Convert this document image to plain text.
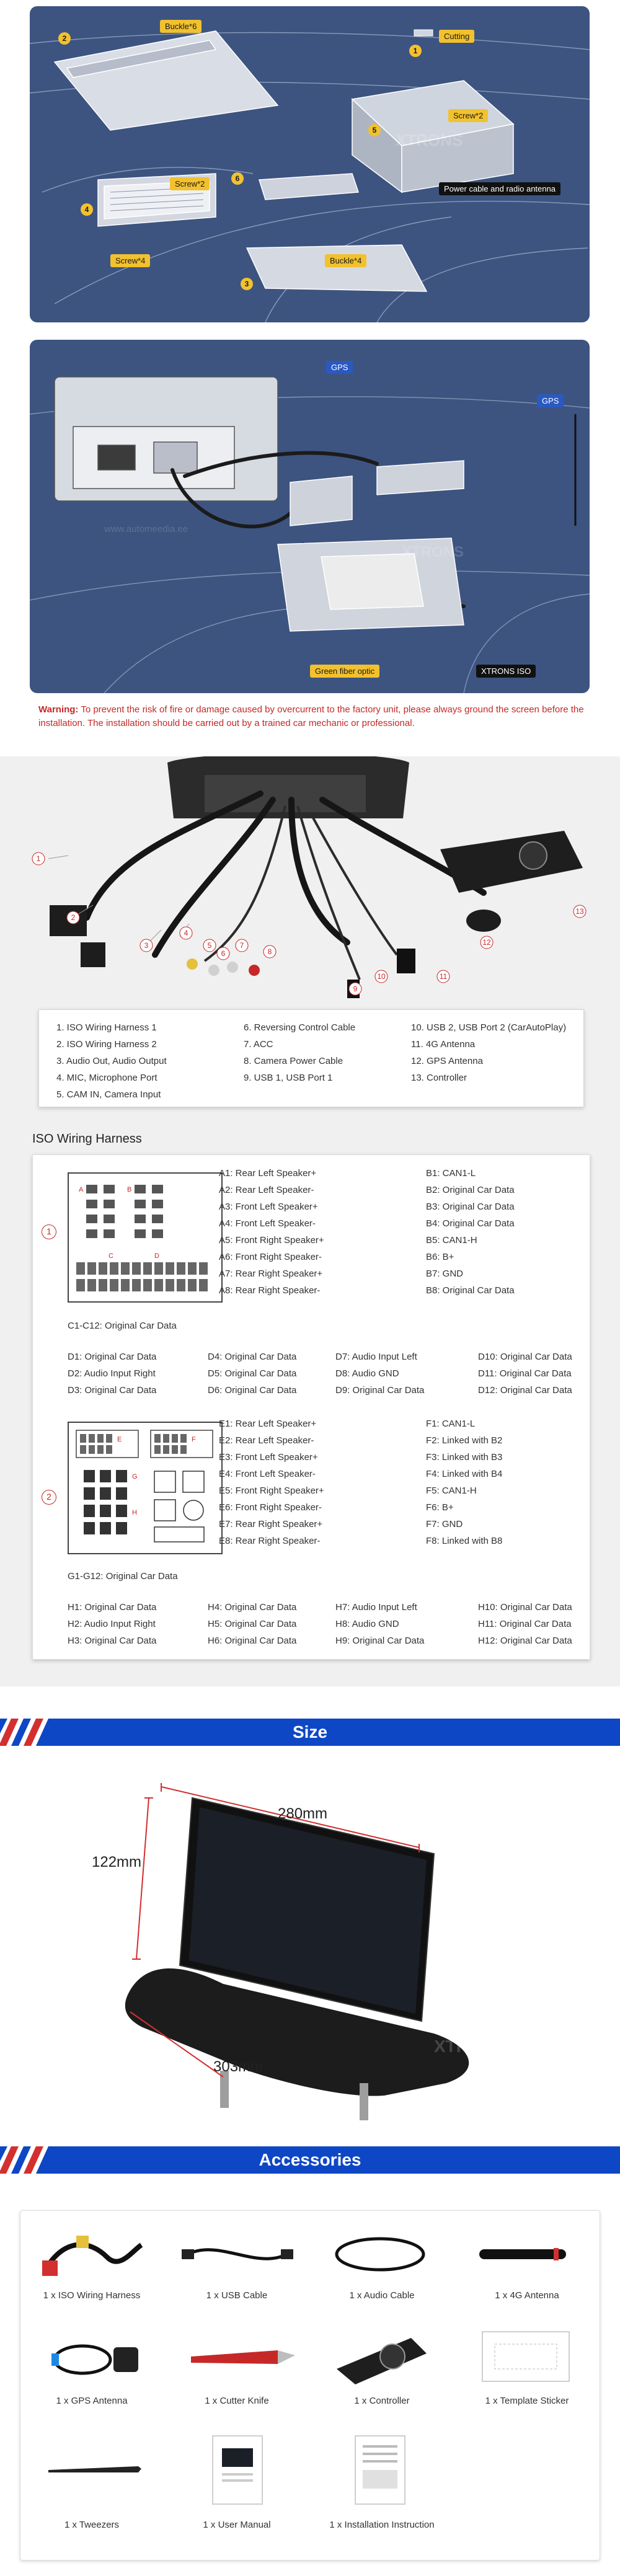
XTRONS
Buckle*6
Cutting
Screw*2
Power cable and radio antenna
Screw*2
Screw*4	Buckle*4
2
1
3
4
5
6
XTRONS
www.automeedia.ee
GPS
GPS
Green fiber optic	XTRONS ISO
Warning: To prevent the risk of fire or damage caused by overcurrent to the factory unit, please always ground the screen before the installation. The installation should be carried out by a trained car mechanic or professional.
1
2
3
4
5
6
7
8
9
10	11
12
13
1. ISO Wiring Harness 1
2. ISO Wiring Harness 2
3. Audio Out, Audio Output
4. MIC, Microphone Port
5. CAM IN, Camera Input
6. Reversing Control Cable
7. ACC
8. Camera Power Cable
9. USB 1, USB Port 1
10. USB 2, USB Port 2 (CarAutoPlay)
11. 4G Antenna
12. GPS Antenna
13. Controller
ISO Wiring Harness
1
A	B
C	D
A1: Rear Left Speaker+
A2: Rear Left Speaker-
A3: Front Left Speaker+
A4: Front Left Speaker-
A5: Front Right Speaker+
A6: Front Right Speaker-
A7: Rear Right Speaker+
A8: Rear Right Speaker-
B1: CAN1-L
B2: Original Car Data
B3: Original Car Data
B4: Original Car Data
B5: CAN1-H
B6: B+
B7: GND
B8: Original Car Data
C1-C12: Original Car Data
D1: Original Car Data
D2: Audio Input Right
D3: Original Car Data
D4: Original Car Data
D5: Original Car Data
D6: Original Car Data
D7: Audio Input Left
D8: Audio GND
D9: Original Car Data
D10: Original Car Data
D11: Original Car Data
D12: Original Car Data
2
E	F
G
H
E1: Rear Left Speaker+
E2: Rear Left Speaker-
E3: Front Left Speaker+
E4: Front Left Speaker-
E5: Front Right Speaker+
E6: Front Right Speaker-
E7: Rear Right Speaker+
E8: Rear Right Speaker-
F1: CAN1-L
F2: Linked with B2
F3: Linked with B3
F4: Linked with B4
F5: CAN1-H
F6: B+
F7: GND
F8: Linked with B8
G1-G12: Original Car Data
H1: Original Car Data
H2: Audio Input Right
H3: Original Car Data
H4: Original Car Data
H5: Original Car Data
H6: Original Car Data
H7: Audio Input Left
H8: Audio GND
H9: Original Car Data
H10: Original Car Data
H11: Original Car Data
H12: Original Car Data
Size
XTRONS
280mm
122mm
303mm
Accessories
1 x ISO Wiring Harness	1 x USB Cable	1 x Audio Cable	1 x 4G Antenna
1 x GPS Antenna	1 x Cutter Knife	1 x Controller	1 x Template Sticker
1 x Tweezers	1 x User Manual	1 x Installation Instruction
